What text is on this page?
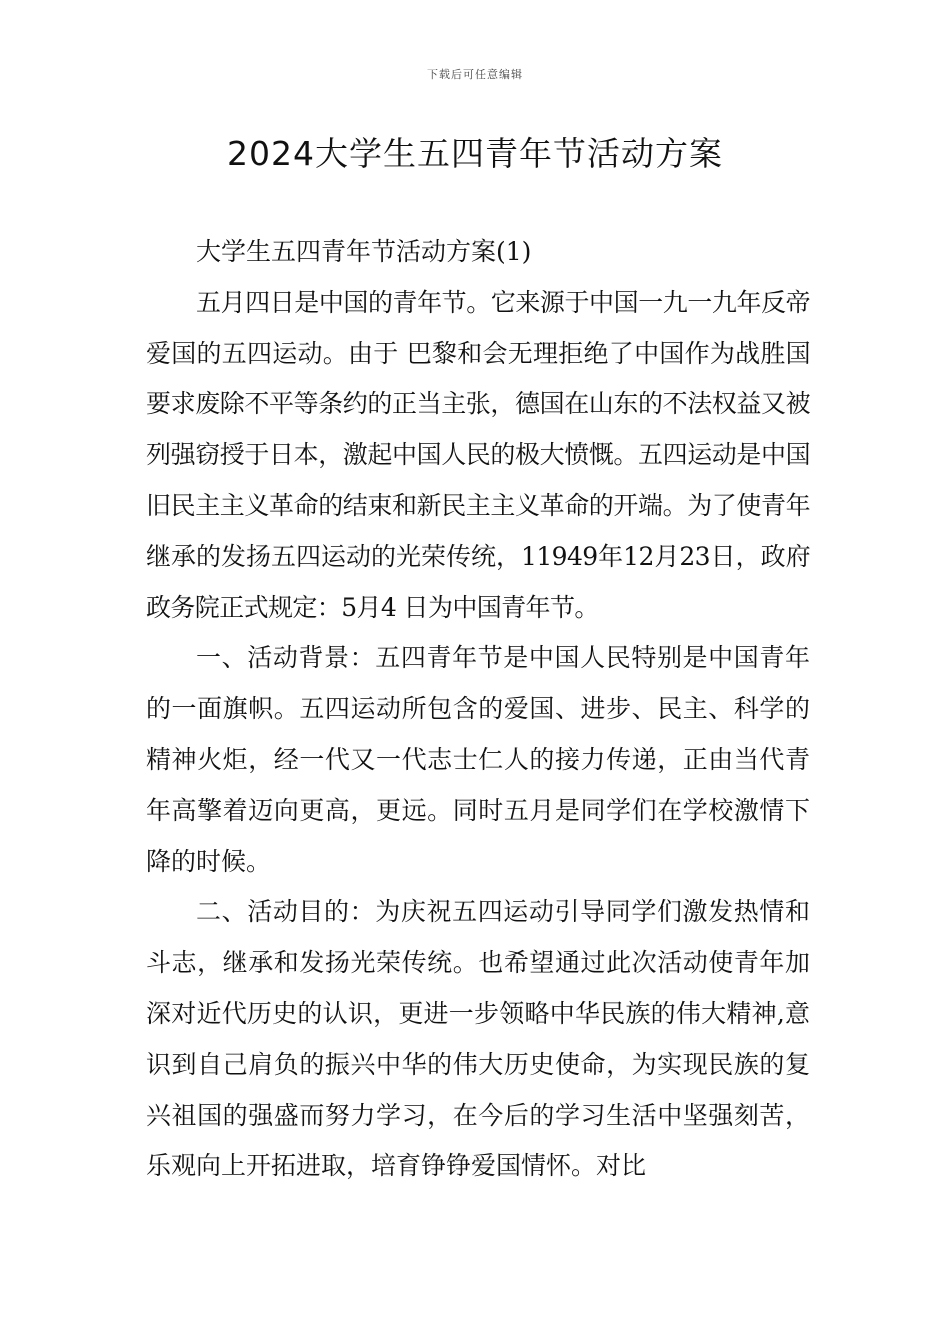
下载后可任意编辑
2024大学生五四青年节活动方案

大学生五四青年节活动方案(1)

五月四日是中国的青年节。它来源于中国一九一九年反帝爱国的五四运动。由于 巴黎和会无理拒绝了中国作为战胜国要求废除不平等条约的正当主张，德国在山东的不法权益又被列强窃授于日本，激起中国人民的极大愤慨。五四运动是中国旧民主主义革命的结束和新民主主义革命的开端。为了使青年继承的发扬五四运动的光荣传统，11949年12月23日，政府政务院正式规定：5月4 日为中国青年节。

一、活动背景：五四青年节是中国人民特别是中国青年的一面旗帜。五四运动所包含的爱国、进步、民主、科学的精神火炬，经一代又一代志士仁人的接力传递，正由当代青年高擎着迈向更高，更远。同时五月是同学们在学校激情下降的时候。

二、活动目的：为庆祝五四运动引导同学们激发热情和斗志，继承和发扬光荣传统。也希望通过此次活动使青年加深对近代历史的认识，更进一步领略中华民族的伟大精神,意识到自己肩负的振兴中华的伟大历史使命，为实现民族的复兴祖国的强盛而努力学习，在今后的学习生活中坚强刻苦，乐观向上开拓进取，培育铮铮爱国情怀。对比
